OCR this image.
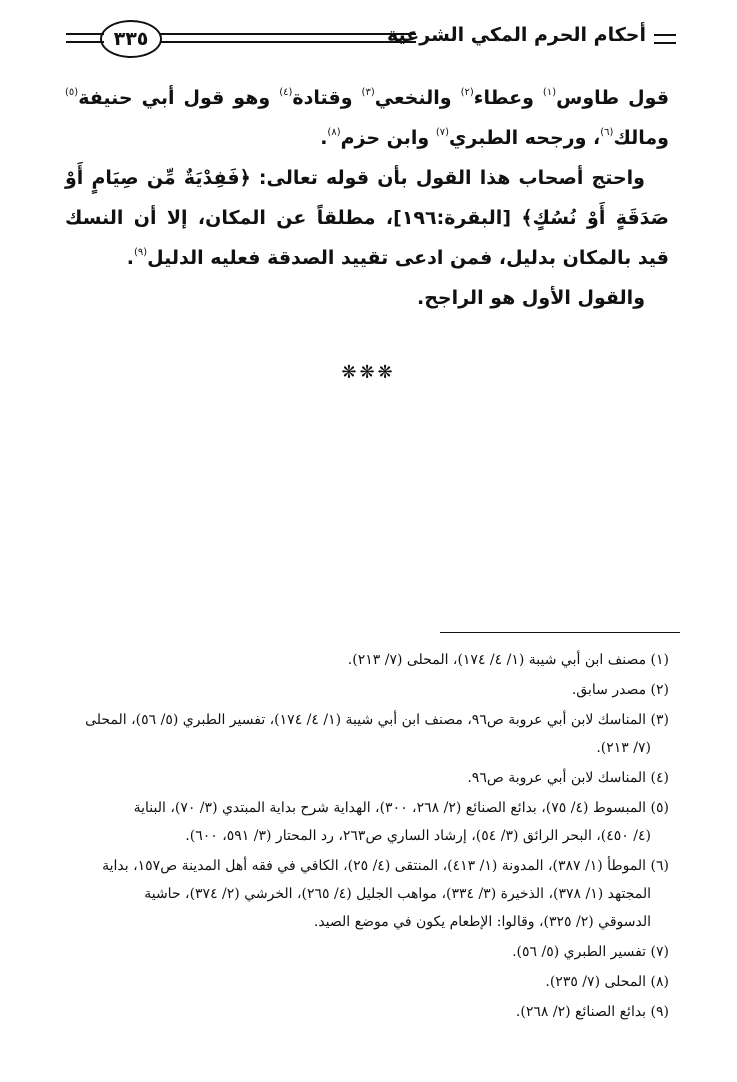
أحكام الحرم المكي الشرعية
٣٣٥

قول طاوس$^{(١)}$ وعطاء$^{(٢)}$ والنخعي$^{(٣)}$ وقتادة$^{(٤)}$ وهو قول أبي حنيفة$^{(٥)}$ ومالك$^{(٦)}$، ورجحه الطبري$^{(٧)}$ وابن حزم$^{(٨)}$.

واحتج أصحاب هذا القول بأن قوله تعالى: ﴿فَفِدْيَةٌ مِّن صِيَامٍ أَوْ صَدَقَةٍ أَوْ نُسُكٍ﴾ [البقرة:١٩٦]، مطلقاً عن المكان، إلا أن النسك قيد بالمكان بدليل، فمن ادعى تقييد الصدقة فعليه الدليل$^{(٩)}$.

والقول الأول هو الراجح.

❋❋❋
(١) مصنف ابن أبي شيبة (١/ ٤/ ١٧٤)، المحلى (٧/ ٢١٣).
(٢) مصدر سابق.
(٣) المناسك لابن أبي عروبة ص٩٦، مصنف ابن أبي شيبة (١/ ٤/ ١٧٤)، تفسير الطبري (٥/ ٥٦)، المحلى
(٧/ ٢١٣).
(٤) المناسك لابن أبي عروبة ص٩٦.
(٥) المبسوط (٤/ ٧٥)، بدائع الصنائع (٢/ ٢٦٨، ٣٠٠)، الهداية شرح بداية المبتدي (٣/ ٧٠)، البناية
(٤/ ٤٥٠)، البحر الرائق (٣/ ٥٤)، إرشاد الساري ص٢٦٣، رد المحتار (٣/ ٥٩١، ٦٠٠).
(٦) الموطأ (١/ ٣٨٧)، المدونة (١/ ٤١٣)، المنتقى (٤/ ٢٥)، الكافي في فقه أهل المدينة ص١٥٧، بداية
المجتهد (١/ ٣٧٨)، الذخيرة (٣/ ٣٣٤)، مواهب الجليل (٤/ ٢٦٥)، الخرشي (٢/ ٣٧٤)، حاشية
الدسوقي (٢/ ٣٢٥)، وقالوا: الإطعام يكون في موضع الصيد.
(٧) تفسير الطبري (٥/ ٥٦).
(٨) المحلى (٧/ ٢٣٥).
(٩) بدائع الصنائع (٢/ ٢٦٨).
